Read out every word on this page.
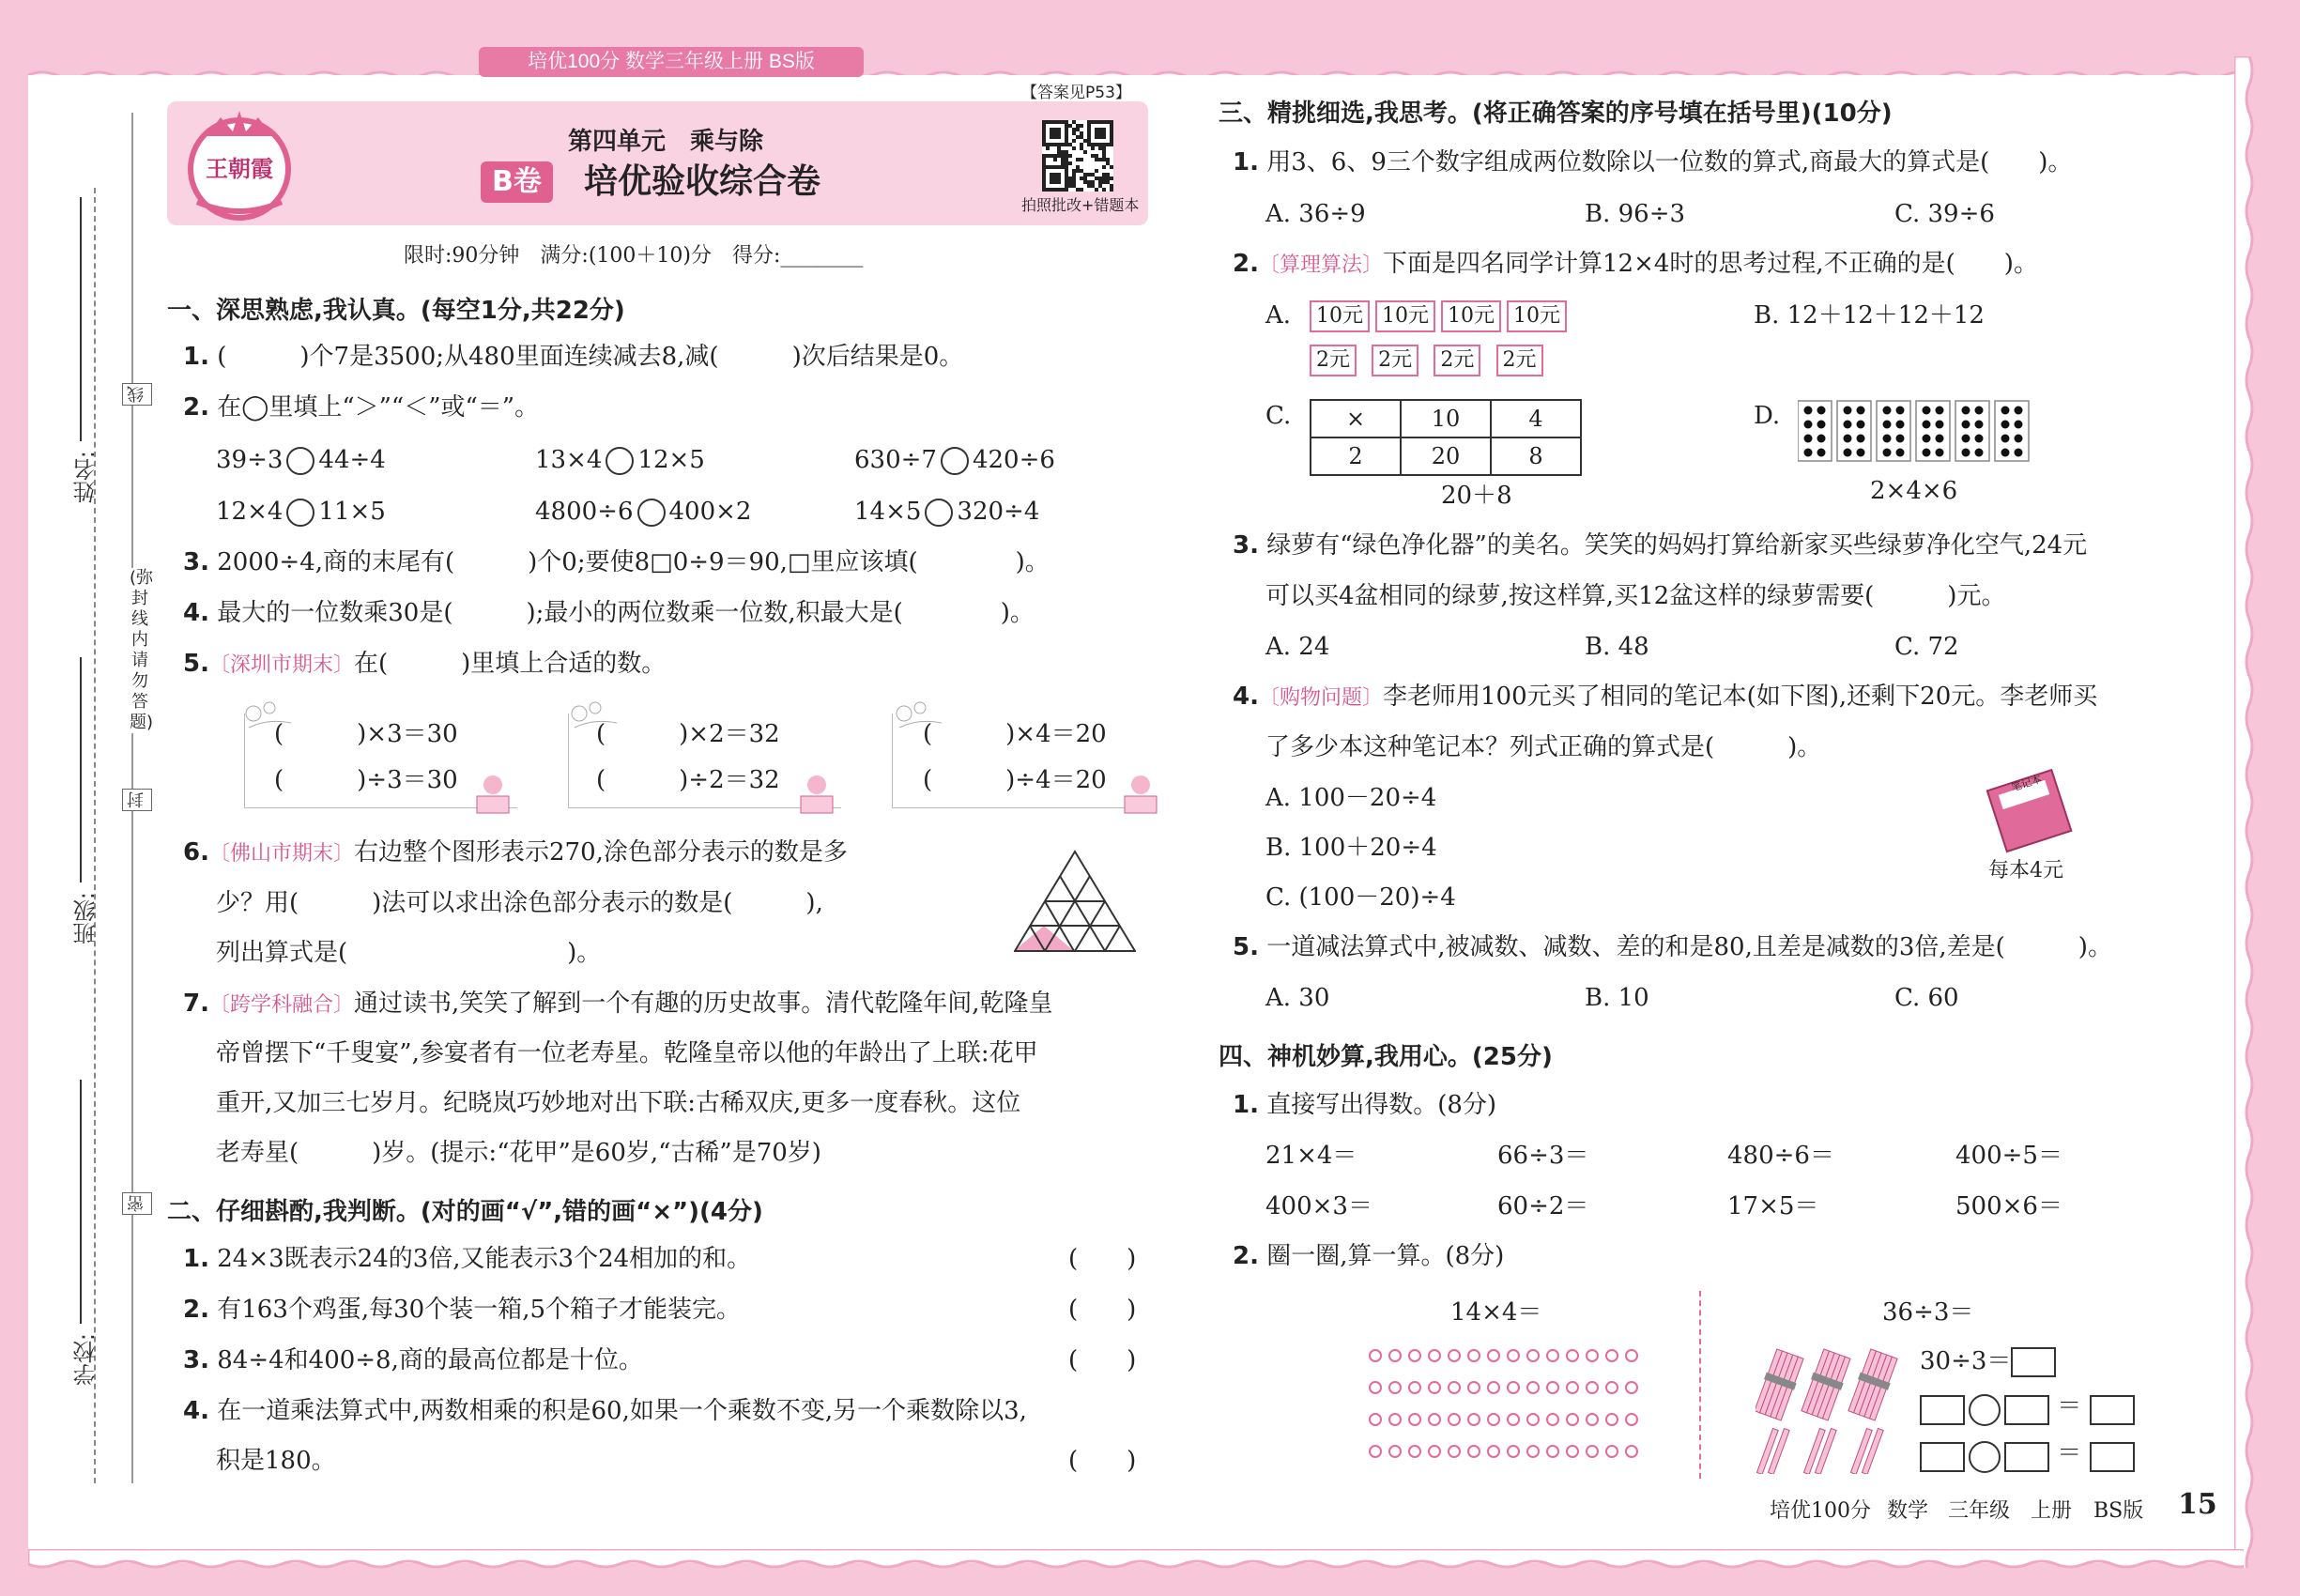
培优100分 数学三年级上册 BS版
姓名:
班级:
学校:
线
封
密
(弥封线内请勿答题)
王朝霞
第四单元　乘与除
B卷	培优验收综合卷
【答案见P53】
拍照批改+错题本
限时:90分钟　满分:(100＋10)分　得分:________
一、深思熟虑,我认真。(每空1分,共22分)
1. (　　　)个7是3500;从480里面连续减去8,减(　　　)次后结果是0。
2. 在◯里填上“＞”“＜”或“＝”。
39÷3 44÷4	13×4 12×5	630÷7 420÷6
12×4 11×5	4800÷6 400×2	14×5 320÷4
3. 2000÷4,商的末尾有(　　　)个0;要使8□0÷9＝90,□里应该填(　　　　)。
4. 最大的一位数乘30是(　　　);最小的两位数乘一位数,积最大是(　　　　)。
5.〔深圳市期末〕在(　　　)里填上合适的数。
(　　　)×3＝30
(　　　)÷3＝30
(　　　)×2＝32
(　　　)÷2＝32
(　　　)×4＝20
(　　　)÷4＝20
6.〔佛山市期末〕右边整个图形表示270,涂色部分表示的数是多
少？用(　　　)法可以求出涂色部分表示的数是(　　　),
列出算式是(　　　　　　　　　)。
7.〔跨学科融合〕通过读书,笑笑了解到一个有趣的历史故事。清代乾隆年间,乾隆皇
帝曾摆下“千叟宴”,参宴者有一位老寿星。乾隆皇帝以他的年龄出了上联:花甲
重开,又加三七岁月。纪晓岚巧妙地对出下联:古稀双庆,更多一度春秋。这位
老寿星(　　　)岁。(提示:“花甲”是60岁,“古稀”是70岁)
二、仔细斟酌,我判断。(对的画“√”,错的画“×”)(4分)
1. 24×3既表示24的3倍,又能表示3个24相加的和。	(　　)
2. 有163个鸡蛋,每30个装一箱,5个箱子才能装完。	(　　)
3. 84÷4和400÷8,商的最高位都是十位。	(　　)
4. 在一道乘法算式中,两数相乘的积是60,如果一个乘数不变,另一个乘数除以3,
积是180。	(　　)
三、精挑细选,我思考。(将正确答案的序号填在括号里)(10分)
1. 用3、6、9三个数字组成两位数除以一位数的算式,商最大的算式是(　　)。
A. 36÷9	B. 96÷3	C. 39÷6
2.〔算理算法〕下面是四名同学计算12×4时的思考过程,不正确的是(　　)。
A.	10元 10元 10元 10元
2元 2元 2元 2元
B. 12＋12＋12＋12
C. ×	10	4
2	20	8
20＋8
D.
2×4×6
3. 绿萝有“绿色净化器”的美名。笑笑的妈妈打算给新家买些绿萝净化空气,24元
可以买4盆相同的绿萝,按这样算,买12盆这样的绿萝需要(　　　)元。
A. 24	B. 48	C. 72
4.〔购物问题〕李老师用100元买了相同的笔记本(如下图),还剩下20元。李老师买
了多少本这种笔记本？列式正确的算式是(　　　)。
A. 100－20÷4
B. 100＋20÷4
C. (100－20)÷4
笔记本
每本4元
5. 一道减法算式中,被减数、减数、差的和是80,且差是减数的3倍,差是(　　　)。
A. 30	B. 10	C. 60
四、神机妙算,我用心。(25分)
1. 直接写出得数。(8分)
21×4＝	66÷3＝	480÷6＝	400÷5＝
400×3＝	60÷2＝	17×5＝	500×6＝
2. 圈一圈,算一算。(8分)
14×4＝	36÷3＝
30÷3＝
＝
＝
培优100分 数学 三年级 上册 BS版 15
